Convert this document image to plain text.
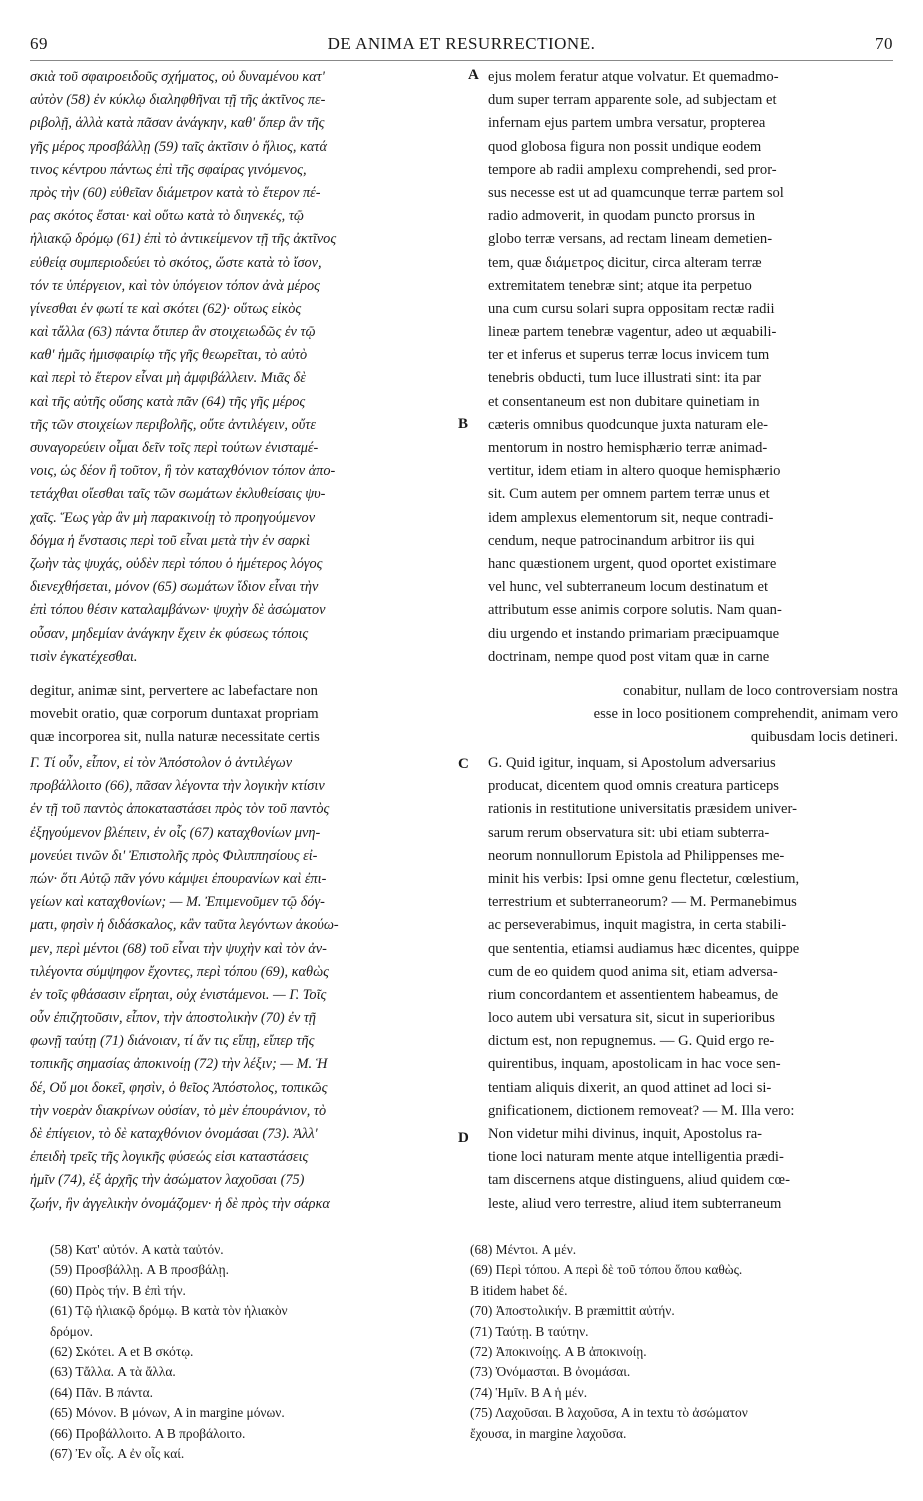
69	DE ANIMA ET RESURRECTIONE.	70
σκιὰ τοῦ σφαιροειδοῦς σχήματος, οὐ δυναμένου κατ'
αὐτὸν (58) ἐν κύκλῳ διαληφθῆναι τῇ τῆς ἀκτῖνος πε-
ριβολῇ, ἀλλὰ κατὰ πᾶσαν ἀνάγκην, καθ' ὅπερ ἂν τῆς
γῆς μέρος προσβάλλῃ (59) ταῖς ἀκτῖσιν ὁ ἥλιος, κατά
τινος κέντρου πάντως ἐπὶ τῆς σφαίρας γινόμενος,
πρὸς τὴν (60) εὐθεῖαν διάμετρον κατὰ τὸ ἕτερον πέ-
ρας σκότος ἔσται· καὶ οὕτω κατὰ τὸ διηνεκές, τῷ
ἡλιακῷ δρόμῳ (61) ἐπὶ τὸ ἀντικείμενον τῇ τῆς ἀκτῖνος
εὐθείᾳ συμπεριοδεύει τὸ σκότος, ὥστε κατὰ τὸ ἴσον,
τόν τε ὑπέργειον, καὶ τὸν ὑπόγειον τόπον ἀνὰ μέρος
γίνεσθαι ἐν φωτί τε καὶ σκότει (62)· οὕτως εἰκὸς
καὶ τἄλλα (63) πάντα ὅτιπερ ἂν στοιχειωδῶς ἐν τῷ
καθ' ἡμᾶς ἡμισφαιρίῳ τῆς γῆς θεωρεῖται, τὸ αὐτὸ
καὶ περὶ τὸ ἕτερον εἶναι μὴ ἀμφιβάλλειν. Μιᾶς δὲ
καὶ τῆς αὐτῆς οὔσης κατὰ πᾶν (64) τῆς γῆς μέρος
τῆς τῶν στοιχείων περιβολῆς, οὔτε ἀντιλέγειν, οὔτε
συναγορεύειν οἶμαι δεῖν τοῖς περὶ τούτων ἐνισταμέ-
νοις, ὡς δέον ἢ τοῦτον, ἢ τὸν καταχθόνιον τόπον ἀπο-
τετάχθαι οἴεσθαι ταῖς τῶν σωμάτων ἐκλυθείσαις ψυ-
χαῖς. Ἕως γὰρ ἂν μὴ παρακινοίῃ τὸ προηγούμενον
δόγμα ἡ ἔνστασις περὶ τοῦ εἶναι μετὰ τὴν ἐν σαρκὶ
ζωὴν τὰς ψυχάς, οὐδὲν περὶ τόπου ὁ ἡμέτερος λόγος
διενεχθήσεται, μόνον (65) σωμάτων ἴδιον εἶναι τὴν
ἐπὶ τόπου θέσιν καταλαμβάνων· ψυχὴν δὲ ἀσώματον
οὖσαν, μηδεμίαν ἀνάγκην ἔχειν ἐκ φύσεως τόποις
τισὶν ἐγκατέχεσθαι.
ejus molem feratur atque volvatur. Et quemadmo-
dum super terram apparente sole, ad subjectam et
infernam ejus partem umbra versatur, propterea
quod globosa figura non possit undique eodem
tempore ab radii amplexu comprehendi, sed pror-
sus necesse est ut ad quamcunque terræ partem sol
radio admoverit, in quodam puncto prorsus in
globo terræ versans, ad rectam lineam demetien-
tem, quæ διάμετρος dicitur, circa alteram terræ
extremitatem tenebræ sint; atque ita perpetuo
una cum cursu solari supra oppositam rectæ radii
lineæ partem tenebræ vagentur, adeo ut æquabili-
ter et inferus et superus terræ locus invicem tum
tenebris obducti, tum luce illustrati sint: ita par
et consentaneum est non dubitare quinetiam in
cæteris omnibus quodcunque juxta naturam ele-
mentorum in nostro hemisphærio terræ animad-
vertitur, idem etiam in altero quoque hemisphærio
sit. Cum autem per omnem partem terræ unus et
idem amplexus elementorum sit, neque contradi-
cendum, neque patrocinandum arbitror iis qui
hanc quæstionem urgent, quod oportet existimare
vel hunc, vel subterraneum locum destinatum et
attributum esse animis corpore solutis. Nam quan-
diu urgendo et instando primariam præcipuamque
doctrinam, nempe quod post vitam quæ in carne
A
B
C
D
degitur, animæ sint, pervertere ac labefactare non	conabitur, nullam de loco controversiam nostra
movebit oratio, quæ corporum duntaxat propriam	esse in loco positionem comprehendit, animam vero
quæ incorporea sit, nulla naturæ necessitate certis	quibusdam locis detineri.
Γ. Τί οὖν, εἶπον, εἰ τὸν Ἀπόστολον ὁ ἀντιλέγων
προβάλλοιτο (66), πᾶσαν λέγοντα τὴν λογικὴν κτίσιν
ἐν τῇ τοῦ παντὸς ἀποκαταστάσει πρὸς τὸν τοῦ παντὸς
ἐξηγούμενον βλέπειν, ἐν οἷς (67) καταχθονίων μνη-
μονεύει τινῶν δι' Ἐπιστολῆς πρὸς Φιλιππησίους εἰ-
πών· ὅτι Αὐτῷ πᾶν γόνυ κάμψει ἐπουρανίων καὶ ἐπι-
γείων καὶ καταχθονίων; — Μ. Ἐπιμενοῦμεν τῷ δόγ-
ματι, φησὶν ἡ διδάσκαλος, κἂν ταῦτα λεγόντων ἀκούω-
μεν, περὶ μέντοι (68) τοῦ εἶναι τὴν ψυχὴν καὶ τὸν ἀν-
τιλέγοντα σύμψηφον ἔχοντες, περὶ τόπου (69), καθὼς
ἐν τοῖς φθάσασιν εἴρηται, οὐχ ἐνιστάμενοι. — Γ. Τοῖς
οὖν ἐπιζητοῦσιν, εἶπον, τὴν ἀποστολικὴν (70) ἐν τῇ
φωνῇ ταύτῃ (71) διάνοιαν, τί ἄν τις εἴπῃ, εἴπερ τῆς
τοπικῆς σημασίας ἀποκινοίῃ (72) τὴν λέξιν; — Μ. Ἡ
δέ, Οὔ μοι δοκεῖ, φησὶν, ὁ θεῖος Ἀπόστολος, τοπικῶς
τὴν νοερὰν διακρίνων οὐσίαν, τὸ μὲν ἐπουράνιον, τὸ
δὲ ἐπίγειον, τὸ δὲ καταχθόνιον ὀνομάσαι (73). Ἀλλ'
ἐπειδὴ τρεῖς τῆς λογικῆς φύσεώς εἰσι καταστάσεις
ἡμῖν (74), ἐξ ἀρχῆς τὴν ἀσώματον λαχοῦσαι (75)
ζωήν, ἣν ἀγγελικὴν ὀνομάζομεν· ἡ δὲ πρὸς τὴν σάρκα
G. Quid igitur, inquam, si Apostolum adversarius
producat, dicentem quod omnis creatura particeps
rationis in restitutione universitatis præsidem univer-
sarum rerum observatura sit: ubi etiam subterra-
neorum nonnullorum Epistola ad Philippenses me-
minit his verbis: Ipsi omne genu flectetur, cœlestium,
terrestrium et subterraneorum? — M. Permanebimus
ac perseverabimus, inquit magistra, in certa stabili-
que sententia, etiamsi audiamus hæc dicentes, quippe
cum de eo quidem quod anima sit, etiam adversa-
rium concordantem et assentientem habeamus, de
loco autem ubi versatura sit, sicut in superioribus
dictum est, non repugnemus. — G. Quid ergo re-
quirentibus, inquam, apostolicam in hac voce sen-
tentiam aliquis dixerit, an quod attinet ad loci si-
gnificationem, dictionem removeat? — M. Illa vero:
Non videtur mihi divinus, inquit, Apostolus ra-
tione loci naturam mente atque intelligentia prædi-
tam discernens atque distinguens, aliud quidem cœ-
leste, aliud vero terrestre, aliud item subterraneum
(58) Κατ' αὐτόν. A κατὰ ταὐτόν.
(59) Προσβάλλῃ. A B προσβάλῃ.
(60) Πρὸς τήν. B ἐπὶ τήν.
(61) Τῷ ἡλιακῷ δρόμῳ. B κατὰ τὸν ἡλιακὸν
δρόμον.
(62) Σκότει. A et B σκότῳ.
(63) Τἄλλα. A τὰ ἄλλα.
(64) Πᾶν. B πάντα.
(65) Μόνον. B μόνων, A in margine μόνων.
(66) Προβάλλοιτο. A B προβάλοιτο.
(67) Ἐν οἷς. A ἐν οἷς καί.
(68) Μέντοι. A μέν.
(69) Περὶ τόπου. A περὶ δὲ τοῦ τόπου ὅπου καθὼς.
B itidem habet δέ.
(70) Ἀποστολικήν. B præmittit αὐτήν.
(71) Ταύτῃ. B ταύτην.
(72) Ἀποκινοίῃς. A B ἀποκινοίῃ.
(73) Ὀνόμασται. B ὀνομάσαι.
(74) Ἡμῖν. B A ἡ μέν.
(75) Λαχοῦσαι. B λαχοῦσα, A in textu τὸ ἀσώματον
ἔχουσα, in margine λαχοῦσα.
